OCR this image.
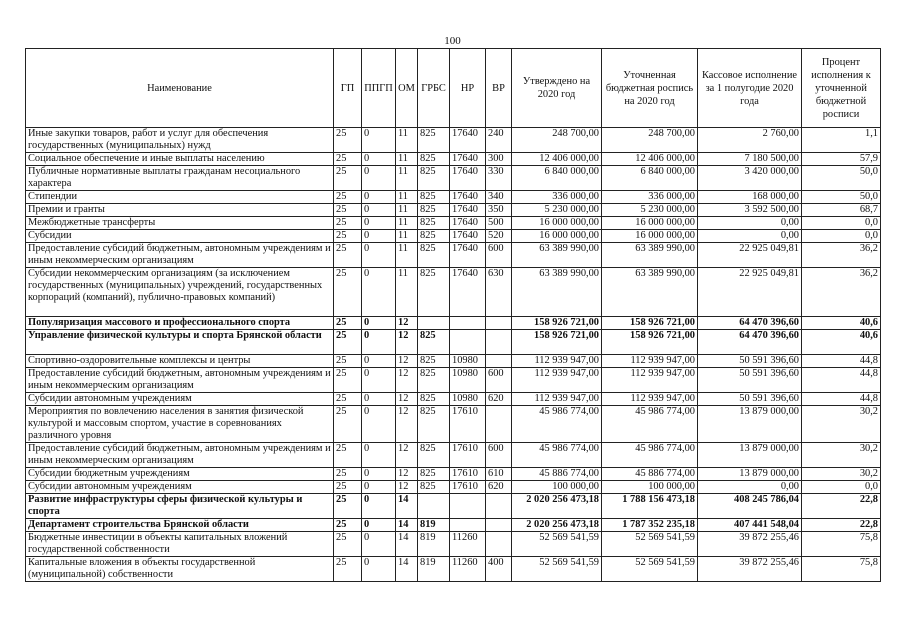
100
Наименование	ГП	ППГП	ОМ	ГРБС	НР	ВР	Утверждено на 2020 год	Уточненная бюджетная роспись на 2020 год	Кассовое исполнение за 1 полугодие 2020 года	Процент исполнения к уточненной бюджетной росписи
Иные закупки товаров, работ и услуг для обеспечения государственных (муниципальных) нужд	25	0	11	825	17640	240	248 700,00	248 700,00	2 760,00	1,1
Социальное обеспечение и иные выплаты населению	25	0	11	825	17640	300	12 406 000,00	12 406 000,00	7 180 500,00	57,9
Публичные нормативные выплаты гражданам несоциального характера	25	0	11	825	17640	330	6 840 000,00	6 840 000,00	3 420 000,00	50,0
Стипендии	25	0	11	825	17640	340	336 000,00	336 000,00	168 000,00	50,0
Премии и гранты	25	0	11	825	17640	350	5 230 000,00	5 230 000,00	3 592 500,00	68,7
Межбюджетные трансферты	25	0	11	825	17640	500	16 000 000,00	16 000 000,00	0,00	0,0
Субсидии	25	0	11	825	17640	520	16 000 000,00	16 000 000,00	0,00	0,0
Предоставление субсидий бюджетным, автономным учреждениям и иным некоммерческим организациям	25	0	11	825	17640	600	63 389 990,00	63 389 990,00	22 925 049,81	36,2
Субсидии некоммерческим организациям (за исключением государственных (муниципальных) учреждений, государственных корпораций (компаний), публично-правовых компаний)	25	0	11	825	17640	630	63 389 990,00	63 389 990,00	22 925 049,81	36,2
Популяризация массового и профессионального спорта	25	0	12				158 926 721,00	158 926 721,00	64 470 396,60	40,6
Управление физической культуры и спорта Брянской области	25	0	12	825			158 926 721,00	158 926 721,00	64 470 396,60	40,6
Спортивно-оздоровительные комплексы и центры	25	0	12	825	10980		112 939 947,00	112 939 947,00	50 591 396,60	44,8
Предоставление субсидий бюджетным, автономным учреждениям и иным некоммерческим организациям	25	0	12	825	10980	600	112 939 947,00	112 939 947,00	50 591 396,60	44,8
Субсидии автономным учреждениям	25	0	12	825	10980	620	112 939 947,00	112 939 947,00	50 591 396,60	44,8
Мероприятия по вовлечению населения в занятия физической культурой и массовым спортом, участие в соревнованиях различного уровня	25	0	12	825	17610		45 986 774,00	45 986 774,00	13 879 000,00	30,2
Предоставление субсидий бюджетным, автономным учреждениям и иным некоммерческим организациям	25	0	12	825	17610	600	45 986 774,00	45 986 774,00	13 879 000,00	30,2
Субсидии бюджетным учреждениям	25	0	12	825	17610	610	45 886 774,00	45 886 774,00	13 879 000,00	30,2
Субсидии автономным учреждениям	25	0	12	825	17610	620	100 000,00	100 000,00	0,00	0,0
Развитие инфраструктуры сферы физической культуры и спорта	25	0	14				2 020 256 473,18	1 788 156 473,18	408 245 786,04	22,8
Департамент строительства Брянской области	25	0	14	819			2 020 256 473,18	1 787 352 235,18	407 441 548,04	22,8
Бюджетные инвестиции в объекты капитальных вложений государственной собственности	25	0	14	819	11260		52 569 541,59	52 569 541,59	39 872 255,46	75,8
Капитальные вложения в объекты государственной (муниципальной) собственности	25	0	14	819	11260	400	52 569 541,59	52 569 541,59	39 872 255,46	75,8
